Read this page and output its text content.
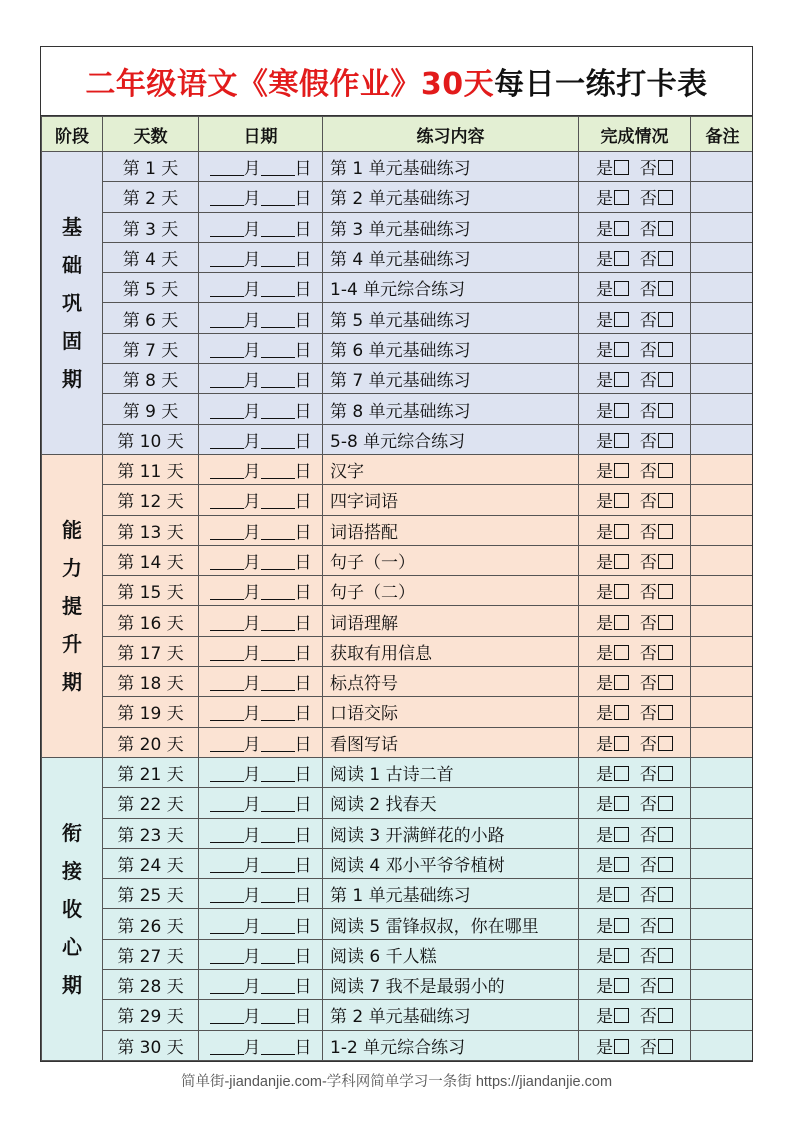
二年级语文《寒假作业》30天 每日一练打卡表
阶段	天数	日期	练习内容	完成情况	备注

基
础
巩
固
期	第 1 天	月 日	第 1 单元基础练习	是 否	
	第 2 天	月 日	第 2 单元基础练习	是 否	
	第 3 天	月 日	第 3 单元基础练习	是 否	
	第 4 天	月 日	第 4 单元基础练习	是 否	
	第 5 天	月 日	1-4 单元综合练习	是 否	
	第 6 天	月 日	第 5 单元基础练习	是 否	
	第 7 天	月 日	第 6 单元基础练习	是 否	
	第 8 天	月 日	第 7 单元基础练习	是 否	
	第 9 天	月 日	第 8 单元基础练习	是 否	
	第 10 天	月 日	5-8 单元综合练习	是 否	

能
力
提
升
期	第 11 天	月 日	汉字	是 否	
	第 12 天	月 日	四字词语	是 否	
	第 13 天	月 日	词语搭配	是 否	
	第 14 天	月 日	句子（一）	是 否	
	第 15 天	月 日	句子（二）	是 否	
	第 16 天	月 日	词语理解	是 否	
	第 17 天	月 日	获取有用信息	是 否	
	第 18 天	月 日	标点符号	是 否	
	第 19 天	月 日	口语交际	是 否	
	第 20 天	月 日	看图写话	是 否	

衔
接
收
心
期	第 21 天	月 日	阅读 1 古诗二首	是 否	
	第 22 天	月 日	阅读 2 找春天	是 否	
	第 23 天	月 日	阅读 3 开满鲜花的小路	是 否	
	第 24 天	月 日	阅读 4 邓小平爷爷植树	是 否	
	第 25 天	月 日	第 1 单元基础练习	是 否	
	第 26 天	月 日	阅读 5 雷锋叔叔，你在哪里	是 否	
	第 27 天	月 日	阅读 6 千人糕	是 否	
	第 28 天	月 日	阅读 7 我不是最弱小的	是 否	
	第 29 天	月 日	第 2 单元基础练习	是 否	
	第 30 天	月 日	1-2 单元综合练习	是 否	
简单街-jiandanjie.com-学科网简单学习一条街 https://jiandanjie.com
